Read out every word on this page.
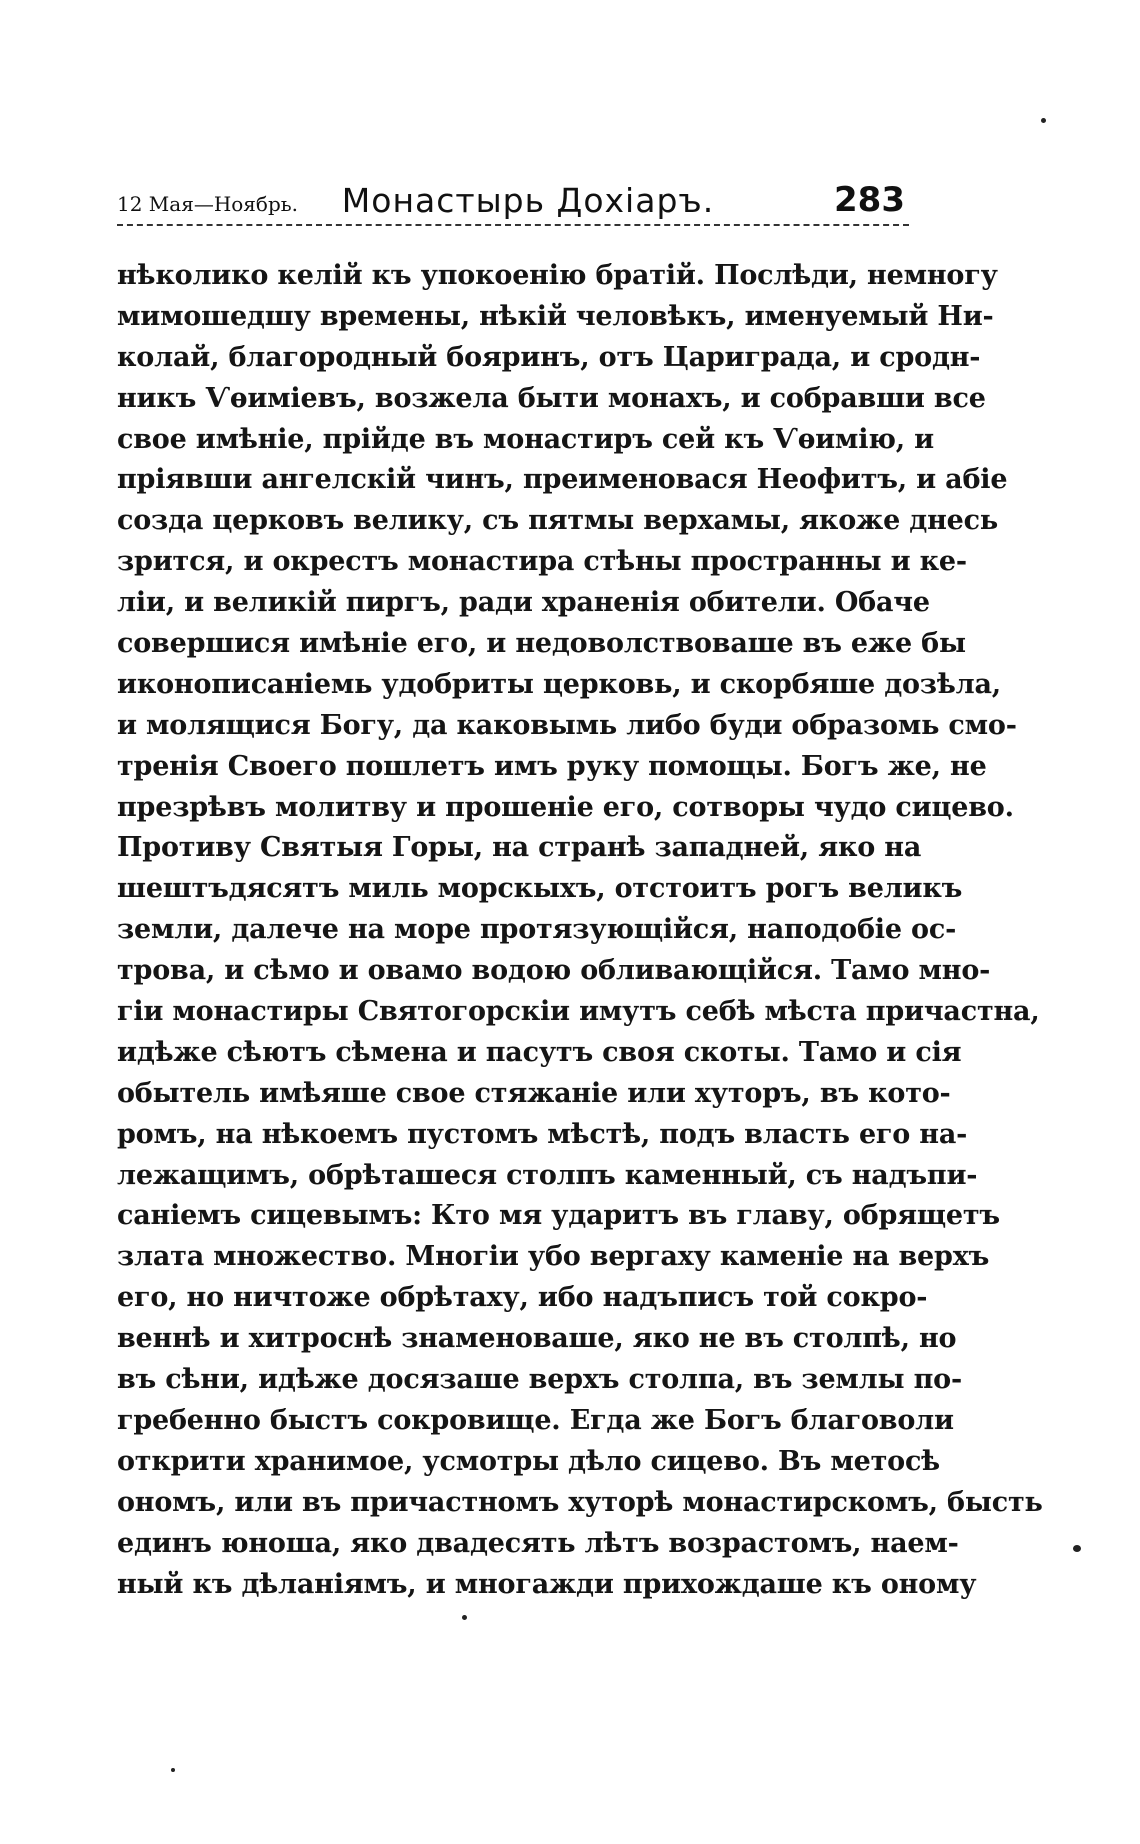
12 Мая—Ноябрь.	Монастырь Дохіаръ.	283
нѣколико келій къ упокоенію братій. Послѣди, немногу
мимошедшу времены, нѣкій человѣкъ, именуемый Ни-
колай, благородный бояринъ, отъ Цариграда, и сродн-
никъ Ѵѳиміевъ, возжела быти монахъ, и собравши все
свое имѣніе, прійде въ монастиръ сей къ Ѵѳимію, и
пріявши ангелскій чинъ, преименовася Неофитъ, и абіе
созда церковъ велику, съ пятмы верхамы, якоже днесь
зрится, и окрестъ монастира стѣны пространны и ке-
ліи, и великій пиргъ, ради храненія обители. Обаче
совершися имѣніе его, и недоволствоваше въ еже бы
иконописаніемь удобриты церковь, и скорбяше дозѣла,
и молящися Богу, да каковымь либо буди образомь смо-
тренія Своего пошлетъ имъ руку помощы. Богъ же, не
презрѣвъ молитву и прошеніе его, сотворы чудо сицево.
Противу Святыя Горы, на странѣ западней, яко на
шештъдясятъ миль морскыхъ, отстоитъ рогъ великъ
земли, далече на море протязующійся, наподобіе ос-
трова, и сѣмо и овамо водою обливающійся. Тамо мно-
гіи монастиры Святогорскіи имутъ себѣ мѣста причастна,
идѣже сѣютъ сѣмена и пасутъ своя скоты. Тамо и сія
обытель имѣяше свое стяжаніе или хуторъ, въ кото-
ромъ, на нѣкоемъ пустомъ мѣстѣ, подъ власть его на-
лежащимъ, обрѣташеся столпъ каменный, съ надъпи-
саніемъ сицевымъ: Кто мя ударитъ въ главу, обрящетъ
злата множество. Многіи убо вергаху каменіе на верхъ
его, но ничтоже обрѣтаху, ибо надъписъ той сокро-
веннѣ и хитроснѣ знаменоваше, яко не въ столпѣ, но
въ сѣни, идѣже досязаше верхъ столпа, въ землы по-
гребенно быстъ сокровище. Егда же Богъ благоволи
открити хранимое, усмотры дѣло сицево. Въ метосѣ
ономъ, или въ причастномъ хуторѣ монастирскомъ, бысть
единъ юноша, яко двадесять лѣтъ возрастомъ, наем-
ный къ дѣланіямъ, и многажди прихождаше къ оному
